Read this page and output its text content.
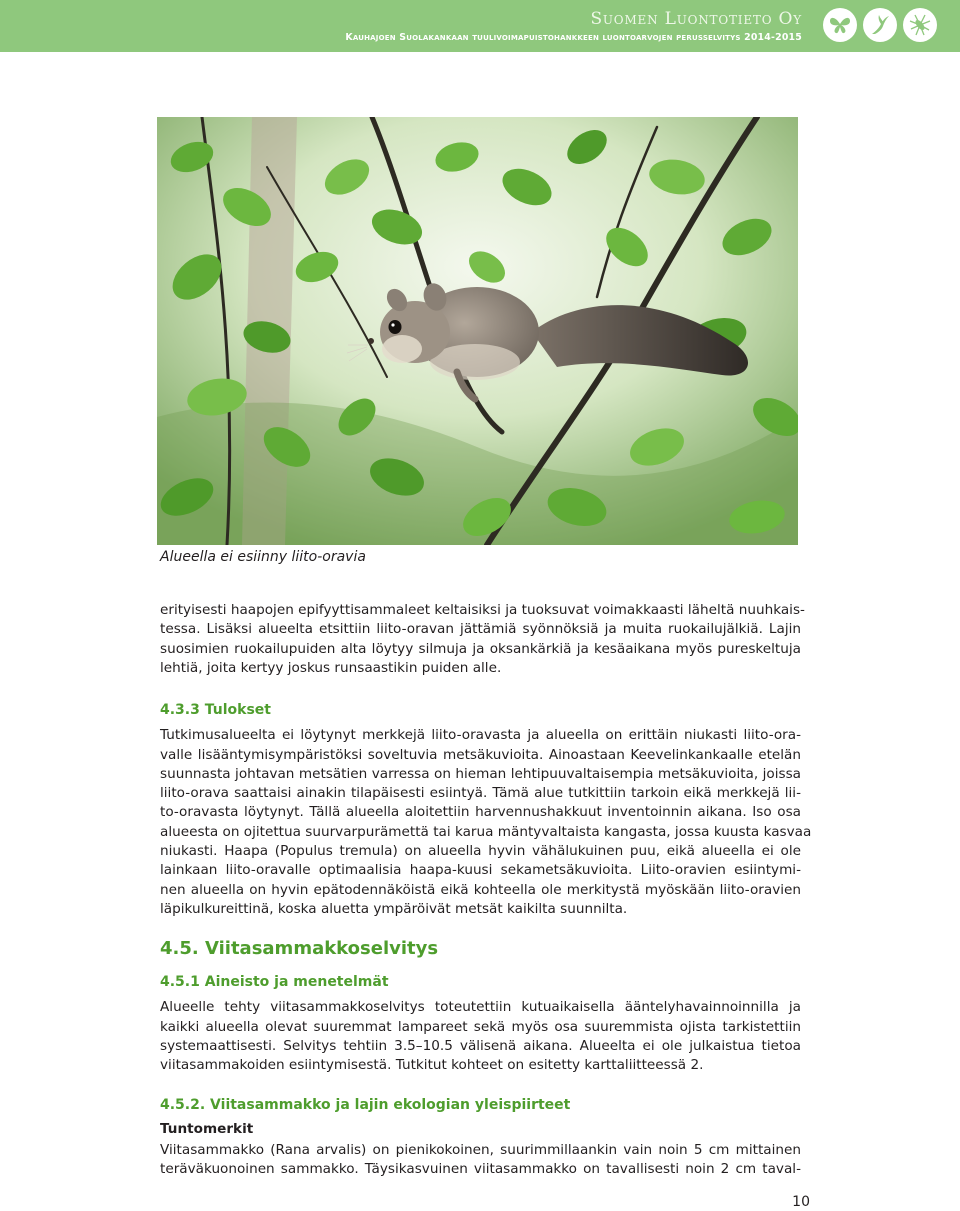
Suomen Luontotieto Oy
Kauhajoen Suolakankaan tuulivoimapuistohankkeen luontoarvojen perusselvitys 2014-2015
Alueella ei esiinny liito-oravia
erityisesti haapojen epifyyttisammaleet keltaisiksi ja tuoksuvat voimakkaasti läheltä nuuhkais-
tessa. Lisäksi alueelta etsittiin liito-oravan jättämiä syönnöksiä ja muita ruokailujälkiä. Lajin
suosimien ruokailupuiden alta löytyy silmuja ja oksankärkiä ja kesäaikana myös pureskeltuja
lehtiä, joita kertyy joskus runsaastikin puiden alle.
4.3.3 Tulokset
Tutkimusalueelta ei löytynyt merkkejä liito-oravasta ja alueella on erittäin niukasti liito-ora-
valle lisääntymisympäristöksi soveltuvia metsäkuvioita. Ainoastaan Keevelinkankaalle etelän
suunnasta johtavan metsätien varressa on hieman lehtipuuvaltaisempia metsäkuvioita, joissa
liito-orava saattaisi ainakin tilapäisesti esiintyä. Tämä alue tutkittiin tarkoin eikä merkkejä lii-
to-oravasta löytynyt. Tällä alueella aloitettiin harvennushakkuut inventoinnin aikana. Iso osa
alueesta on ojitettua suurvarpurämettä tai karua mäntyvaltaista kangasta, jossa kuusta kasvaa
niukasti. Haapa (Populus tremula) on alueella hyvin vähälukuinen puu, eikä alueella ei ole
lainkaan liito-oravalle optimaalisia haapa-kuusi sekametsäkuvioita. Liito-oravien esiintymi-
nen alueella on hyvin epätodennäköistä eikä kohteella ole merkitystä myöskään liito-oravien
läpikulkureittinä, koska aluetta ympäröivät metsät kaikilta suunnilta.
4.5. Viitasammakkoselvitys
4.5.1 Aineisto ja menetelmät
Alueelle tehty viitasammakkoselvitys toteutettiin kutuaikaisella ääntelyhavainnoinnilla ja
kaikki alueella olevat suuremmat lampareet sekä myös osa suuremmista ojista tarkistettiin
systemaattisesti. Selvitys tehtiin 3.5–10.5 välisenä aikana. Alueelta ei ole julkaistua tietoa
viitasammakoiden esiintymisestä. Tutkitut kohteet on esitetty karttaliitteessä 2.
4.5.2. Viitasammakko ja lajin ekologian yleispiirteet
Tuntomerkit
Viitasammakko (Rana arvalis) on pienikokoinen, suurimmillaankin vain noin 5 cm mittainen
teräväkuonoinen sammakko. Täysikasvuinen viitasammakko on tavallisesti noin 2 cm taval-
10
